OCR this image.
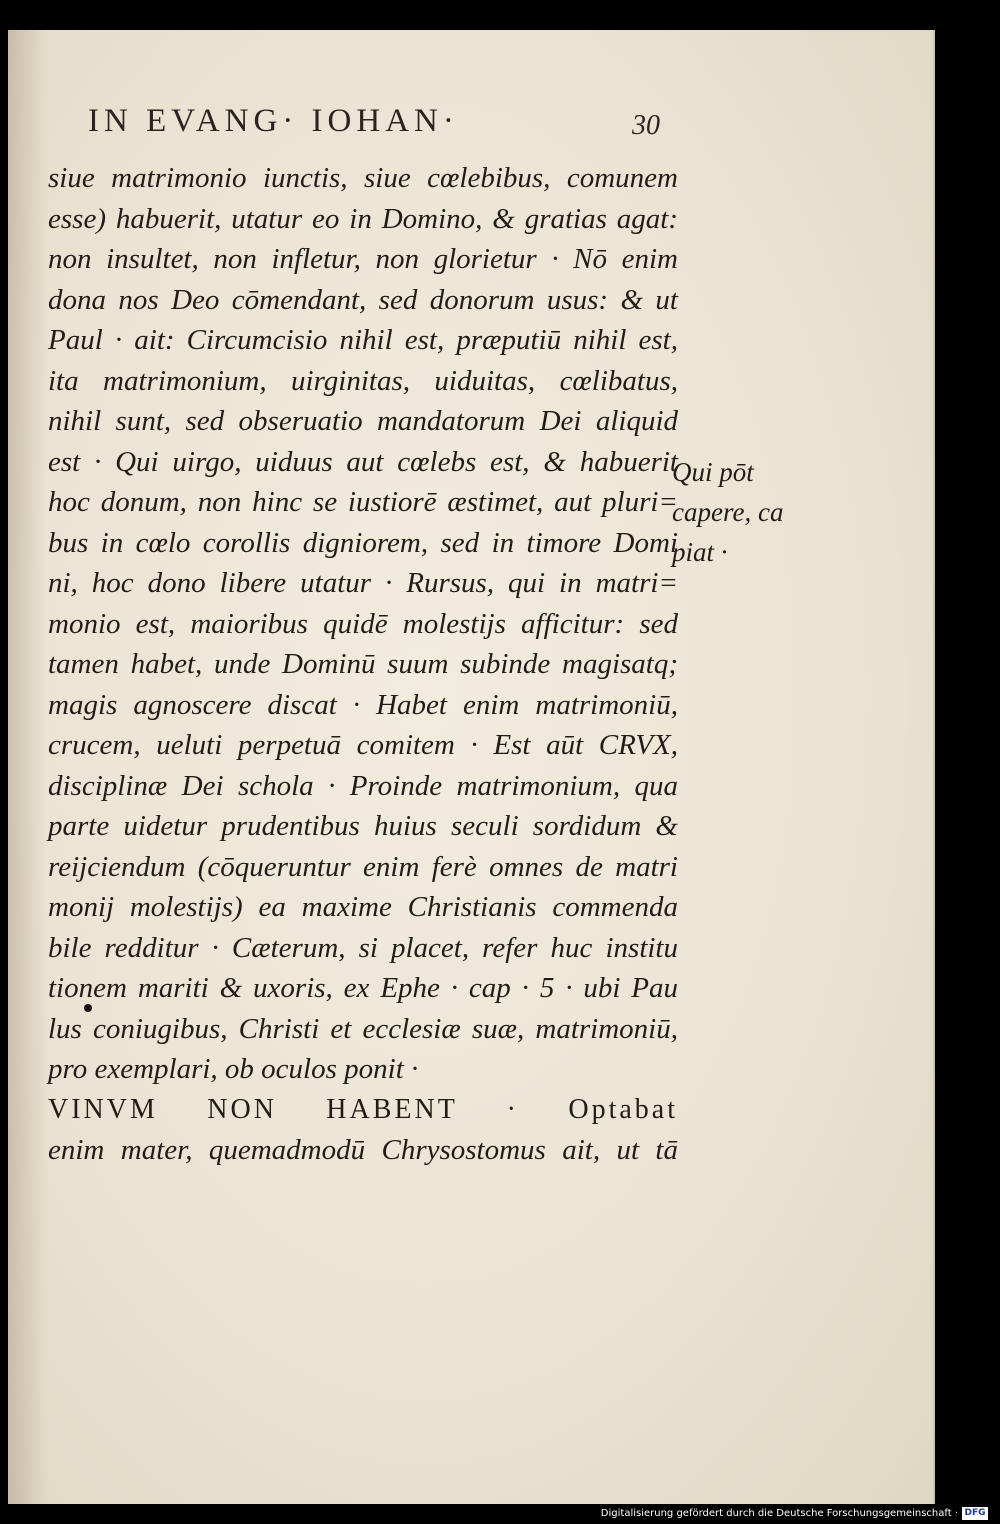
IN EVANG· IOHAN·	30
siue matrimonio iunctis, siue cœlebibus, comunem
esse) habuerit, utatur eo in Domino, & gratias agat:
non insultet, non infletur, non glorietur · Nō enim
dona nos Deo cōmendant, sed donorum usus: & ut
Paul · ait: Circumcisio nihil est, præputiū nihil est,
ita matrimonium, uirginitas, uiduitas, cœlibatus,
nihil sunt, sed obseruatio mandatorum Dei aliquid
est · Qui uirgo, uiduus aut cœlebs est, & habuerit
hoc donum, non hinc se iustiorē æstimet, aut pluri=
bus in cœlo corollis digniorem, sed in timore Domi
ni, hoc dono libere utatur · Rursus, qui in matri=
monio est, maioribus quidē molestijs afficitur: sed
tamen habet, unde Dominū suum subinde magisatq;
magis agnoscere discat · Habet enim matrimoniū,
crucem, ueluti perpetuā comitem · Est aūt CRVX,
disciplinæ Dei schola · Proinde matrimonium, qua
parte uidetur prudentibus huius seculi sordidum &
reijciendum (cōqueruntur enim ferè omnes de matri
monij molestijs) ea maxime Christianis commenda
bile redditur · Cæterum, si placet, refer huc institu
tionem mariti & uxoris, ex Ephe · cap · 5 · ubi Pau
lus coniugibus, Christi et ecclesiæ suæ, matrimoniū,
pro exemplari, ob oculos ponit ·
VINVM NON HABENT · Optabat
enim mater, quemadmodū Chrysostomus ait, ut tā
Qui pōt
capere, ca
piat ·
Digitalisierung gefördert durch die Deutsche Forschungsgemeinschaft · DFG
